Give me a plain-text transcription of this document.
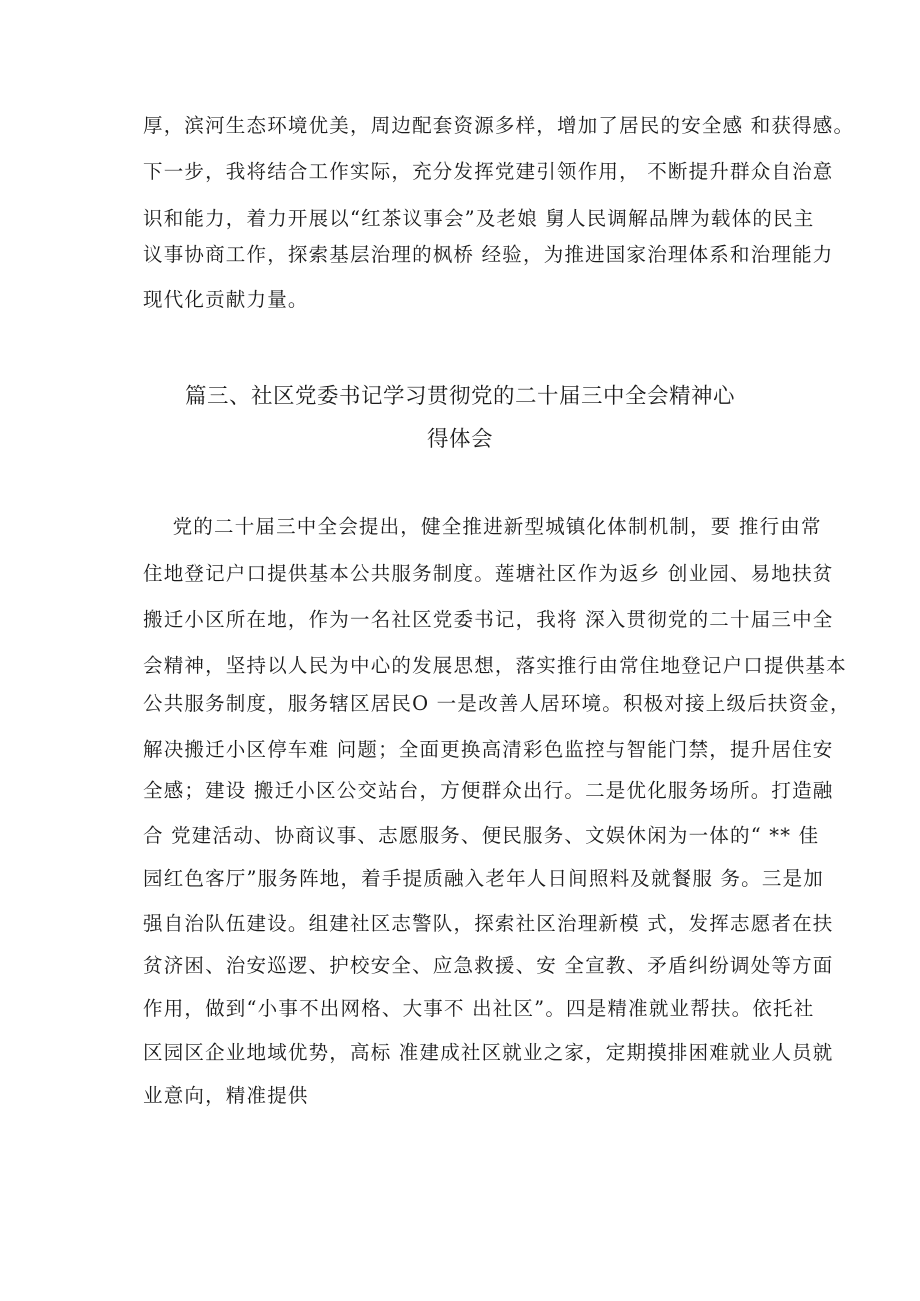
厚，滨河生态环境优美，周边配套资源多样，增加了居民的安全感 和获得感。
下一步，我将结合工作实际，充分发挥党建引领作用， 不断提升群众自治意
识和能力，着力开展以“红茶议事会”及老娘 舅人民调解品牌为载体的民主
议事协商工作，探索基层治理的枫桥 经验，为推进国家治理体系和治理能力
现代化贡献力量。
篇三、社区党委书记学习贯彻党的二十届三中全会精神心
得体会
党的二十届三中全会提出，健全推进新型城镇化体制机制，要 推行由常
住地登记户口提供基本公共服务制度。莲塘社区作为返乡 创业园、易地扶贫
搬迁小区所在地，作为一名社区党委书记，我将 深入贯彻党的二十届三中全
会精神，坚持以人民为中心的发展思想，落实推行由常住地登记户口提供基本
公共服务制度，服务辖区居民O 一是改善人居环境。积极对接上级后扶资金，
解决搬迁小区停车难 问题；全面更换高清彩色监控与智能门禁，提升居住安
全感；建设 搬迁小区公交站台，方便群众出行。二是优化服务场所。打造融
合 党建活动、协商议事、志愿服务、便民服务、文娱休闲为一体的“ ** 佳
园红色客厅”服务阵地，着手提质融入老年人日间照料及就餐服 务。三是加
强自治队伍建设。组建社区志警队，探索社区治理新模 式，发挥志愿者在扶
贫济困、治安巡逻、护校安全、应急救援、安 全宣教、矛盾纠纷调处等方面
作用，做到“小事不出网格、大事不 出社区”。四是精准就业帮扶。依托社
区园区企业地域优势，高标 准建成社区就业之家，定期摸排困难就业人员就
业意向，精准提供
